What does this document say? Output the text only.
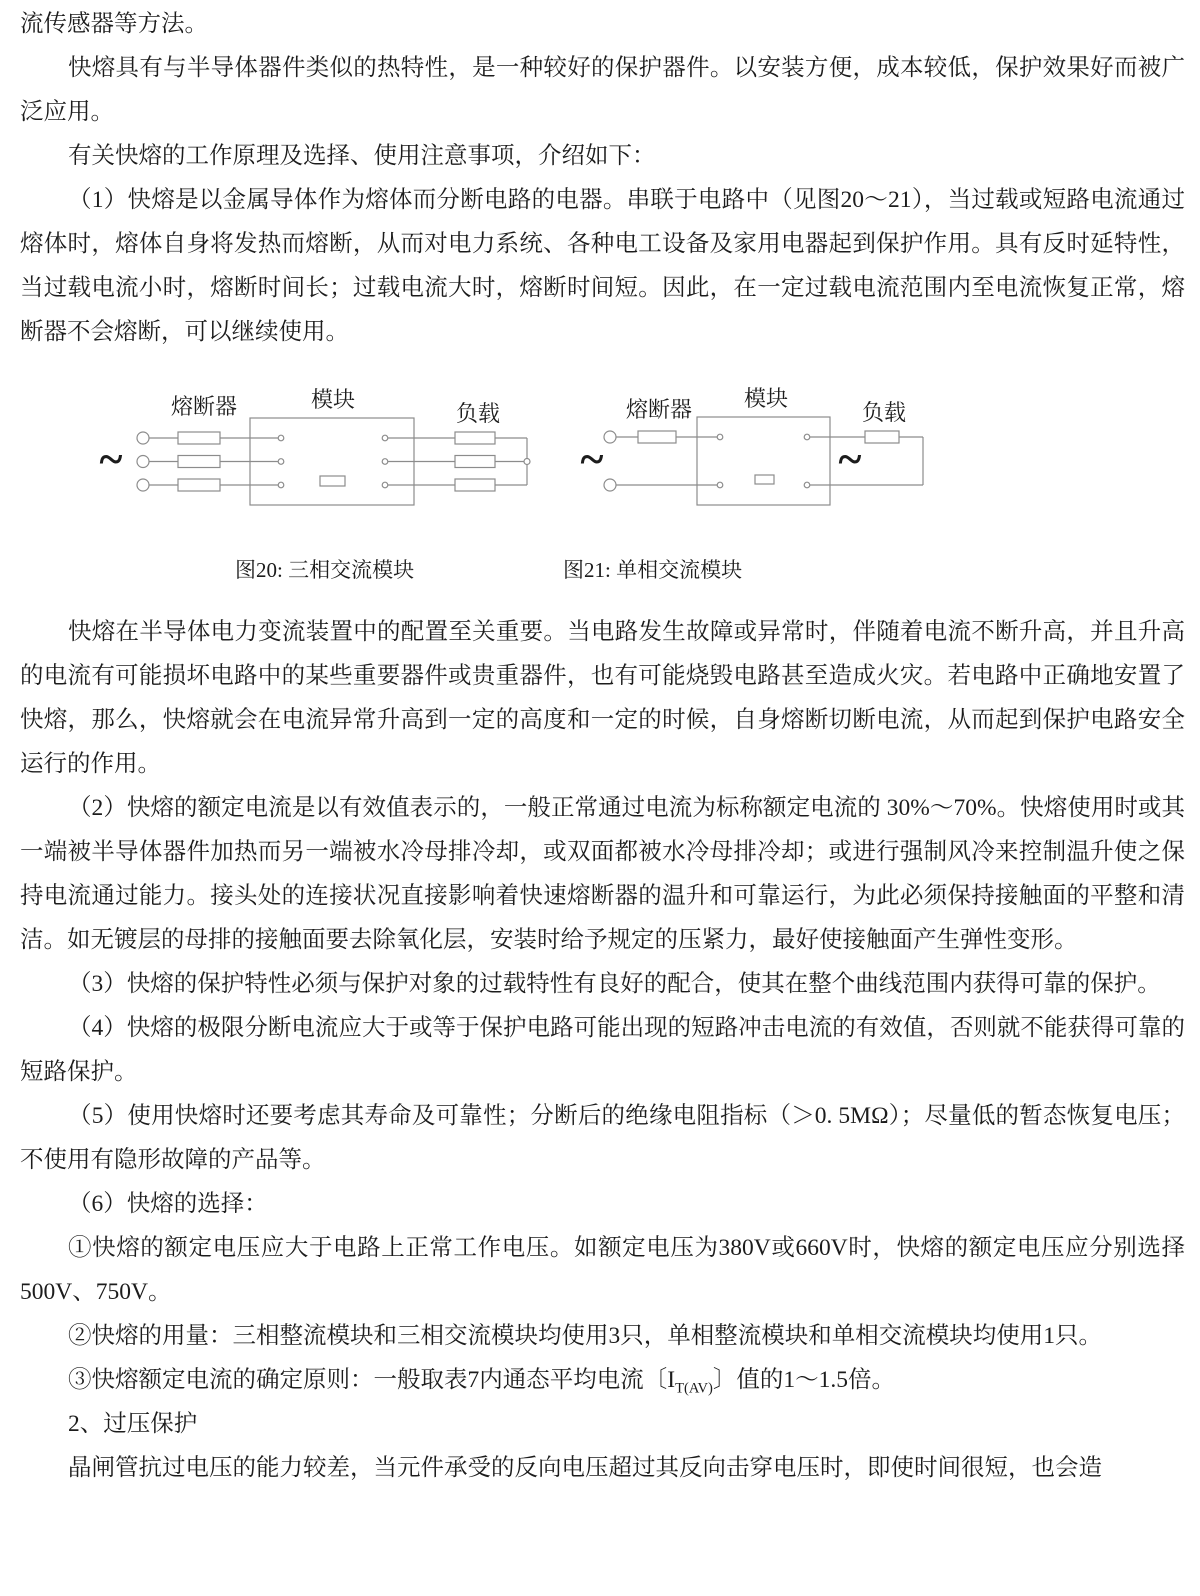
流传感器等方法。

快熔具有与半导体器件类似的热特性，是一种较好的保护器件。以安装方便，成本较低，保护效果好而被广泛应用。

有关快熔的工作原理及选择、使用注意事项，介绍如下：

（1）快熔是以金属导体作为熔体而分断电路的电器。串联于电路中（见图20～21），当过载或短路电流通过熔体时，熔体自身将发热而熔断，从而对电力系统、各种电工设备及家用电器起到保护作用。具有反时延特性，当过载电流小时，熔断时间长；过载电流大时，熔断时间短。因此，在一定过载电流范围内至电流恢复正常，熔断器不会熔断，可以继续使用。

熔断器	模块
负载
~
熔断器 模块
负载
~	~
图20: 三相交流模块	图21: 单相交流模块

快熔在半导体电力变流装置中的配置至关重要。当电路发生故障或异常时，伴随着电流不断升高，并且升高的电流有可能损坏电路中的某些重要器件或贵重器件，也有可能烧毁电路甚至造成火灾。若电路中正确地安置了快熔，那么，快熔就会在电流异常升高到一定的高度和一定的时候，自身熔断切断电流，从而起到保护电路安全运行的作用。

（2）快熔的额定电流是以有效值表示的，一般正常通过电流为标称额定电流的 30%～70%。快熔使用时或其一端被半导体器件加热而另一端被水冷母排冷却，或双面都被水冷母排冷却；或进行强制风冷来控制温升使之保持电流通过能力。接头处的连接状况直接影响着快速熔断器的温升和可靠运行，为此必须保持接触面的平整和清洁。如无镀层的母排的接触面要去除氧化层，安装时给予规定的压紧力，最好使接触面产生弹性变形。

（3）快熔的保护特性必须与保护对象的过载特性有良好的配合，使其在整个曲线范围内获得可靠的保护。

（4）快熔的极限分断电流应大于或等于保护电路可能出现的短路冲击电流的有效值，否则就不能获得可靠的短路保护。

（5）使用快熔时还要考虑其寿命及可靠性；分断后的绝缘电阻指标（＞0. 5MΩ）；尽量低的暂态恢复电压；不使用有隐形故障的产品等。

（6）快熔的选择：

①快熔的额定电压应大于电路上正常工作电压。如额定电压为380V或660V时，快熔的额定电压应分别选择500V、750V。

②快熔的用量：三相整流模块和三相交流模块均使用3只，单相整流模块和单相交流模块均使用1只。

③快熔额定电流的确定原则：一般取表7内通态平均电流〔$I_{T(AV)}$〕值的1～1.5倍。

2、过压保护

晶闸管抗过电压的能力较差，当元件承受的反向电压超过其反向击穿电压时，即使时间很短，也会造
